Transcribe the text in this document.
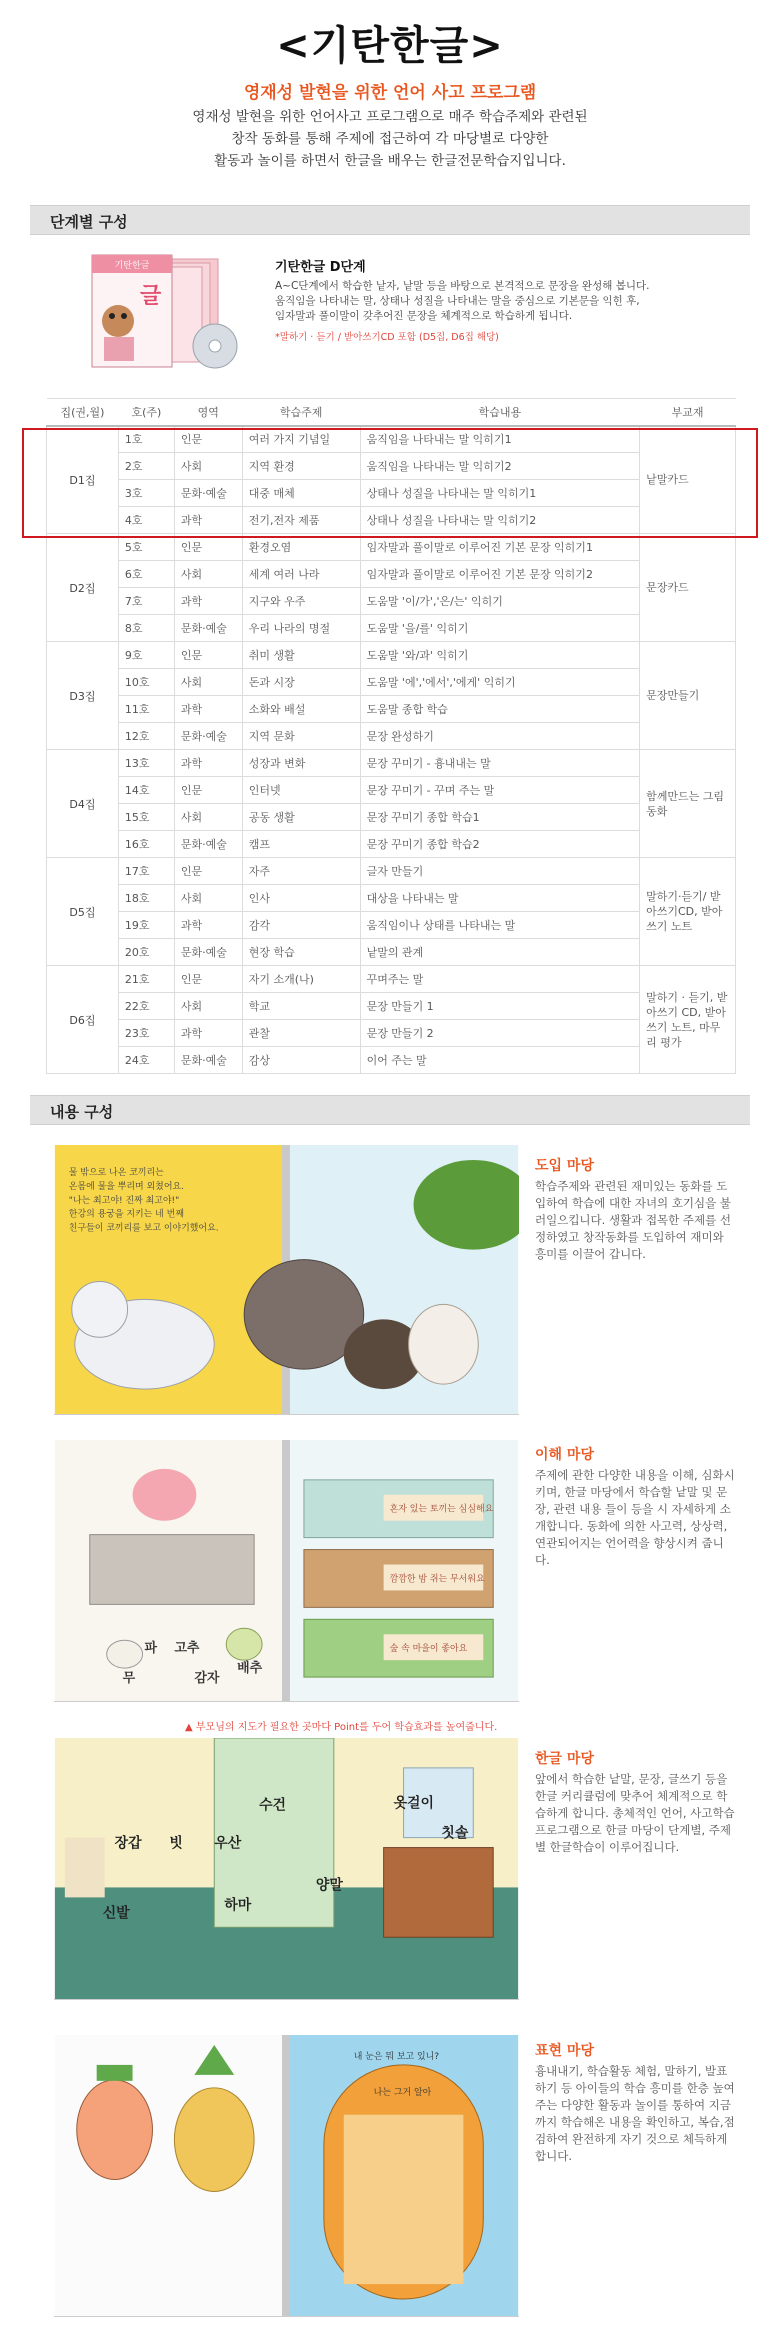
<기탄한글>
영재성 발현을 위한 언어 사고 프로그램
영재성 발현을 위한 언어사고 프로그램으로 매주 학습주제와 관련된
창작 동화를 통해 주제에 접근하여 각 마당별로 다양한
활동과 놀이를 하면서 한글을 배우는 한글전문학습지입니다.
단계별 구성
기탄한글
글
기탄한글 D단계
A~C단계에서 학습한 낱자, 낱말 등을 바탕으로 본격적으로 문장을 완성해 봅니다.
움직임을 나타내는 말, 상태나 성질을 나타내는 말을 중심으로 기본문을 익힌 후,
임자말과 풀이말이 갖추어진 문장을 체계적으로 학습하게 됩니다.
*말하기 · 듣기 / 받아쓰기CD 포함 (D5집, D6집 해당)
집(권,월)	호(주)	영역	학습주제	학습내용	부교재
D1집	1호	인문	여러 가지 기념일	움직임을 나타내는 말 익히기1	낱말카드
	2호	사회	지역 환경	움직임을 나타내는 말 익히기2	
	3호	문화·예술	대중 매체	상태나 성질을 나타내는 말 익히기1	
	4호	과학	전기,전자 제품	상태나 성질을 나타내는 말 익히기2	
D2집	5호	인문	환경오염	임자말과 풀이말로 이루어진 기본 문장 익히기1	문장카드
	6호	사회	세계 여러 나라	임자말과 풀이말로 이루어진 기본 문장 익히기2	
	7호	과학	지구와 우주	도움말 '이/가','은/는' 익히기	
	8호	문화·예술	우리 나라의 명절	도움말 '을/를' 익히기	
D3집	9호	인문	취미 생활	도움말 '와/과' 익히기	문장만들기
	10호	사회	돈과 시장	도움말 '에','에서','에게' 익히기	
	11호	과학	소화와 배설	도움말 종합 학습	
	12호	문화·예술	지역 문화	문장 완성하기	
D4집	13호	과학	성장과 변화	문장 꾸미기 - 흉내내는 말	함께만드는 그림동화
	14호	인문	인터넷	문장 꾸미기 - 꾸며 주는 말	
	15호	사회	공동 생활	문장 꾸미기 종합 학습1	
	16호	문화·예술	캠프	문장 꾸미기 종합 학습2	
D5집	17호	인문	자주	글자 만들기	말하기·듣기/ 받아쓰기CD, 받아쓰기 노트
	18호	사회	인사	대상을 나타내는 말	
	19호	과학	감각	움직임이나 상태를 나타내는 말	
	20호	문화·예술	현장 학습	낱말의 관계	
D6집	21호	인문	자기 소개(나)	꾸며주는 말	말하기 · 듣기, 받아쓰기 CD, 받아쓰기 노트, 마무리 평가
	22호	사회	학교	문장 만들기 1	
	23호	과학	관찰	문장 만들기 2	
	24호	문화·예술	감상	이어 주는 말	
내용 구성
물 밖으로 나온 코끼리는
온몸에 물을 뿌리며 외쳤어요.
"나는 최고야! 진짜 최고야!"
한강의 용궁을 지키는 네 번째
친구들이 코끼리를 보고 이야기했어요.
도입 마당
학습주제와 관련된 재미있는 동화를 도입하여 학습에 대한 자녀의 호기심을 불러일으킵니다. 생활과 접목한 주제를 선정하였고 창작동화를 도입하여 재미와 흥미를 이끌어 갑니다.
무
파 고추
배추
감자
혼자 있는 토끼는 심심해요
깜깜한 밤 쥐는 무서워요
숲 속 마을이 좋아요
이해 마당
주제에 관한 다양한 내용을 이해, 심화시키며, 한글 마당에서 학습할 낱말 및 문장, 관련 내용 들이 등을 시 자세하게 소개합니다. 동화에 의한 사고력, 상상력, 연관되어지는 언어력을 향상시켜 줍니다.
▲ 부모님의 지도가 필요한 곳마다 Point를 두어 학습효과를 높여줍니다.
장갑 빗 우산
수건
양말
하마
신발
칫솔
옷걸이
한글 마당
앞에서 학습한 낱말, 문장, 글쓰기 등을 한글 커리큘럼에 맞추어 체계적으로 학습하게 합니다. 총체적인 언어, 사고학습 프로그램으로 한글 마당이 단계별, 주제별 한글학습이 이루어집니다.
내 눈은 뭐 보고 있니?
나는 그거 알아
표현 마당
흉내내기, 학습활동 체험, 말하기, 발표하기 등 아이들의 학습 흥미를 한층 높여주는 다양한 활동과 놀이를 통하여 지금까지 학습해온 내용을 확인하고, 복습,점검하여 완전하게 자기 것으로 체득하게 합니다.
